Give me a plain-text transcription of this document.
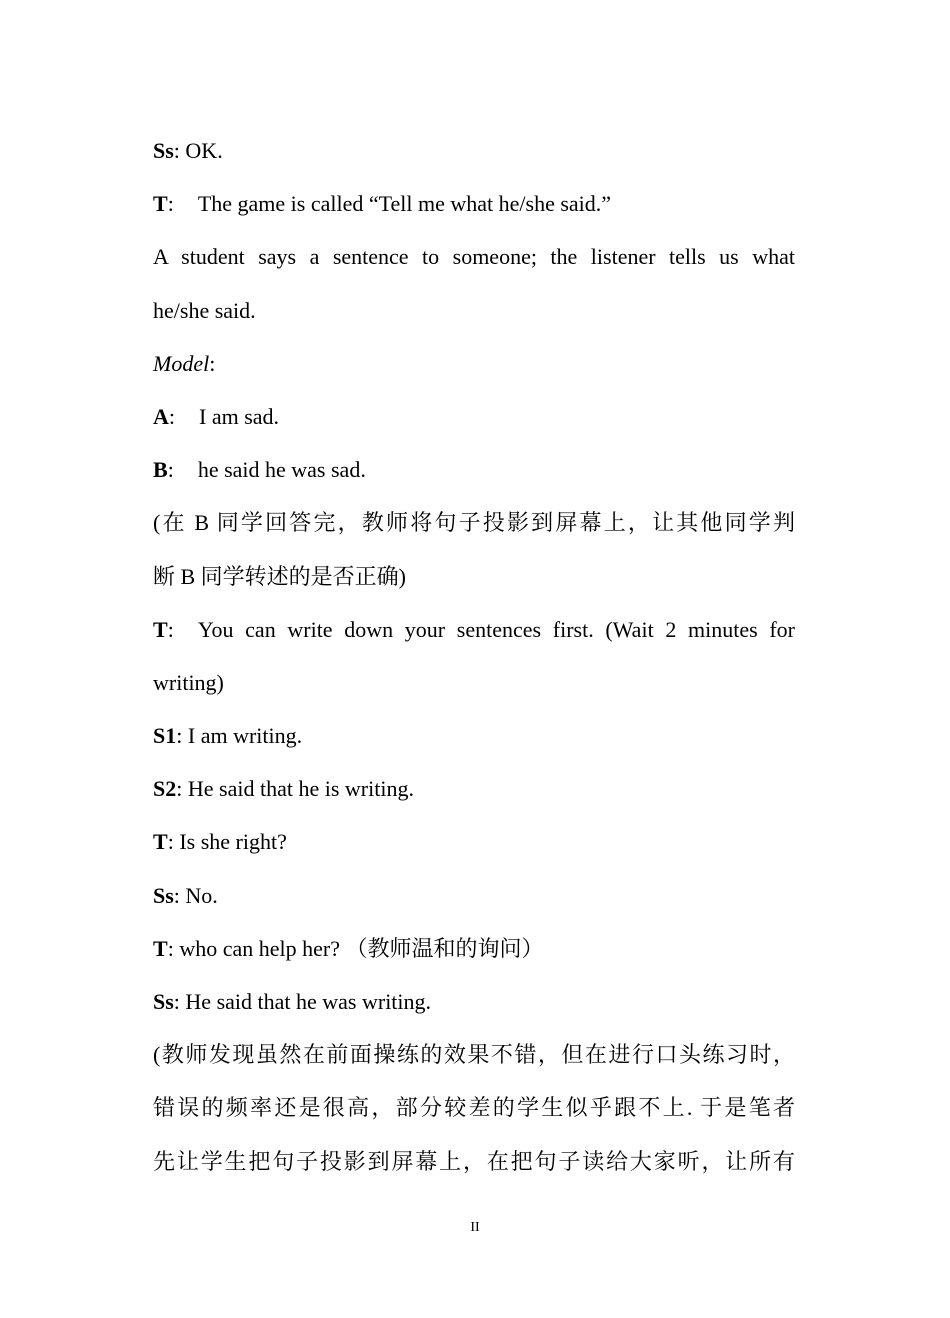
Ss: OK.
T: The game is called “Tell me what he/she said.”
A student says a sentence to someone; the listener tells us what
he/she said.
Model:
A: I am sad.
B: he said he was sad.
(在 B 同学回答完，教师将句子投影到屏幕上，让其他同学判
断 B 同学转述的是否正确)
T: You can write down your sentences first. (Wait 2 minutes for
writing)
S1: I am writing.
S2: He said that he is writing.
T: Is she right?
Ss: No.
T: who can help her? （教师温和的询问）
Ss: He said that he was writing.
(教师发现虽然在前面操练的效果不错，但在进行口头练习时，
错误的频率还是很高，部分较差的学生似乎跟不上. 于是笔者
先让学生把句子投影到屏幕上，在把句子读给大家听，让所有
II
